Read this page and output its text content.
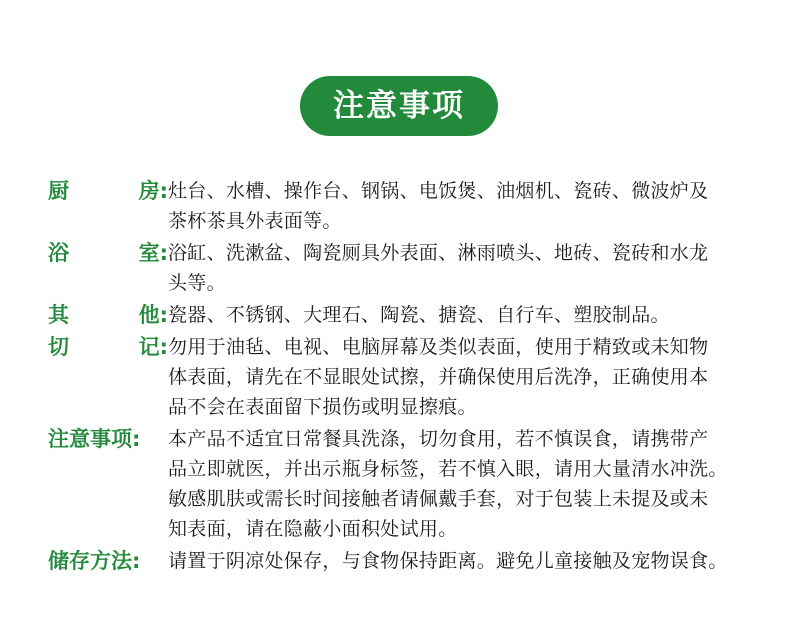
注意事项
厨	房: 灶台、水槽、操作台、钢锅、电饭煲、油烟机、瓷砖、微波炉及
茶杯茶具外表面等。
浴	室: 浴缸、洗漱盆、陶瓷厕具外表面、淋雨喷头、地砖、瓷砖和水龙
头等。
其	他: 瓷器、不锈钢、大理石、陶瓷、搪瓷、自行车、塑胶制品。
切	记: 勿用于油毡、电视、电脑屏幕及类似表面，使用于精致或未知物
体表面，请先在不显眼处试擦，并确保使用后洗净，正确使用本
品不会在表面留下损伤或明显擦痕。
注意事项:	本产品不适宜日常餐具洗涤，切勿食用，若不慎误食，请携带产
品立即就医，并出示瓶身标签，若不慎入眼，请用大量清水冲洗。
敏感肌肤或需长时间接触者请佩戴手套，对于包装上未提及或未
知表面，请在隐蔽小面积处试用。
储存方法:	请置于阴凉处保存，与食物保持距离。避免儿童接触及宠物误食。
